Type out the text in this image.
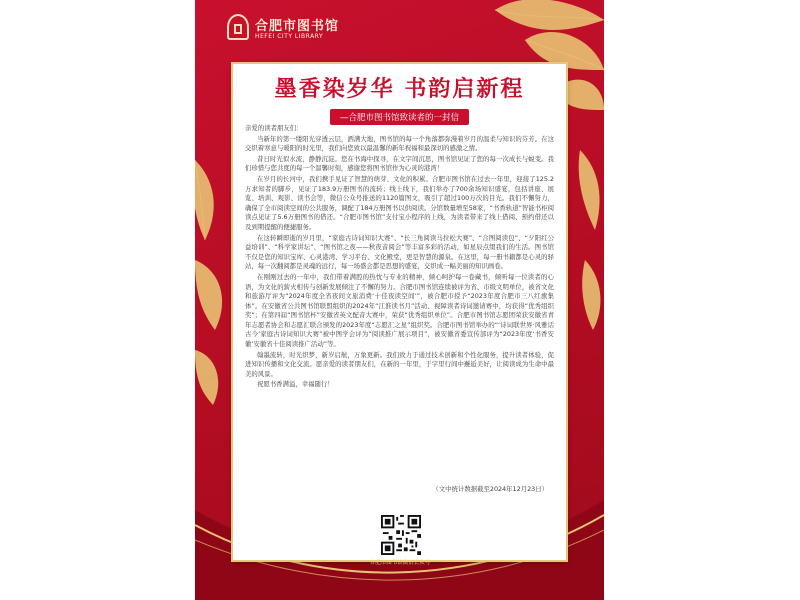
合肥市图书馆
HEFEI CITY LIBRARY
墨香染岁华 书韵启新程
—合肥市图书馆致读者的一封信

亲爱的读者朋友们：

当新年的第一缕阳光穿透云层，洒满大地，图书馆的每一个角落都弥漫着岁月的温柔与知识的芬芳。在这交织着寒意与暖阳的时光里，我们向您致以最温馨的新年祝福和最深切的感激之情。

昔日时光似水流，静静沉淀。您在书海中探寻，在文字间沉思，图书馆见证了您的每一次成长与蜕变。我们珍惜与您共度的每一个温馨时刻，感谢您将图书馆作为心灵的港湾！

在岁月的长河中，我们携手见证了智慧的萌芽、文化的积累。合肥市图书馆在过去一年里，迎接了125.2万求知者的脚步，见证了183.9万册图书的流转；线上线下，我们举办了700余场知识盛宴，包括讲座、展览、培训、观影、读书会等，微信公众号推送的1120篇图文，吸引了超过100万次的目光。我们不懈努力，确保了全市阅读空间的公共服务，调配了184万册图书以供阅读。分馆数量增至58家，“书香轨道”智能书柜阅读点见证了5.6万册图书的借还。“合肥市图书馆”支付宝小程序的上线，为读者带来了线上借阅、预约借还以及到期提醒的便捷服务。

在这转瞬即逝的岁月里，“家庭古诗词知识大赛”、“长三角阅读马拉松大赛”、“合图阅读包”、“夕阳红公益培训”、“科学家讲坛”、“图书馆之夜——秋夜音阅会”等丰富多彩的活动，如星辰点缀我们的生活。图书馆不仅是您的知识宝库、心灵港湾、学习平台、文化殿堂，更是智慧的源泉。在这里，每一册书籍都是心灵的驿站，每一次翻阅都是灵魂的远行，每一场盛会都是思想的盛宴，交织成一幅美丽的知识画卷。

在刚刚过去的一年中，我们带着满腔的热忱与专业的精神，倾心呵护每一卷藏书，倾听每一位读者的心语，为文化的薪火相传与创新发展倾注了不懈的努力。合肥市图书馆连续被评为省、市级文明单位，被省文化和旅游厅评为“2024年度全省夜间文旅消费‘十佳夜读空间’”，被合肥市授予“2023年度合肥市三八红旗集体”。在安徽省公共图书馆联盟组织的2024年“江淮读书月”活动、视障读者诗词邀请赛中，均获得“优秀组织奖”；在第四届“图书馆杯”安徽省英文配音大赛中，荣获“优秀组织单位”。合肥市图书馆志愿团荣获安徽省青年志愿者协会和志愿汇联合颁发的2023年度“志愿汇之星”组织奖。合肥市图书馆举办的“‘诗词联世界·风雅话古今’家庭古诗词知识大赛”被中图学会评为“阅读推广展示项目”，被安徽省委宣传部评为“2023年度‘书香安徽’安徽省十佳阅读推广活动”等。

翰墨流转，时光织梦，新岁启航，万象更新。我们致力于通过技术创新和个性化服务，提升读者体验，促进知识传播和文化交流。愿亲爱的读者朋友们，在新的一年里，于字里行间中邂逅美好，让阅读成为生命中最美的风景。

祝愿书香满溢，幸福随行！

（文中统计数据截至2024年12月23日）
合肥市图书馆微信公众号
